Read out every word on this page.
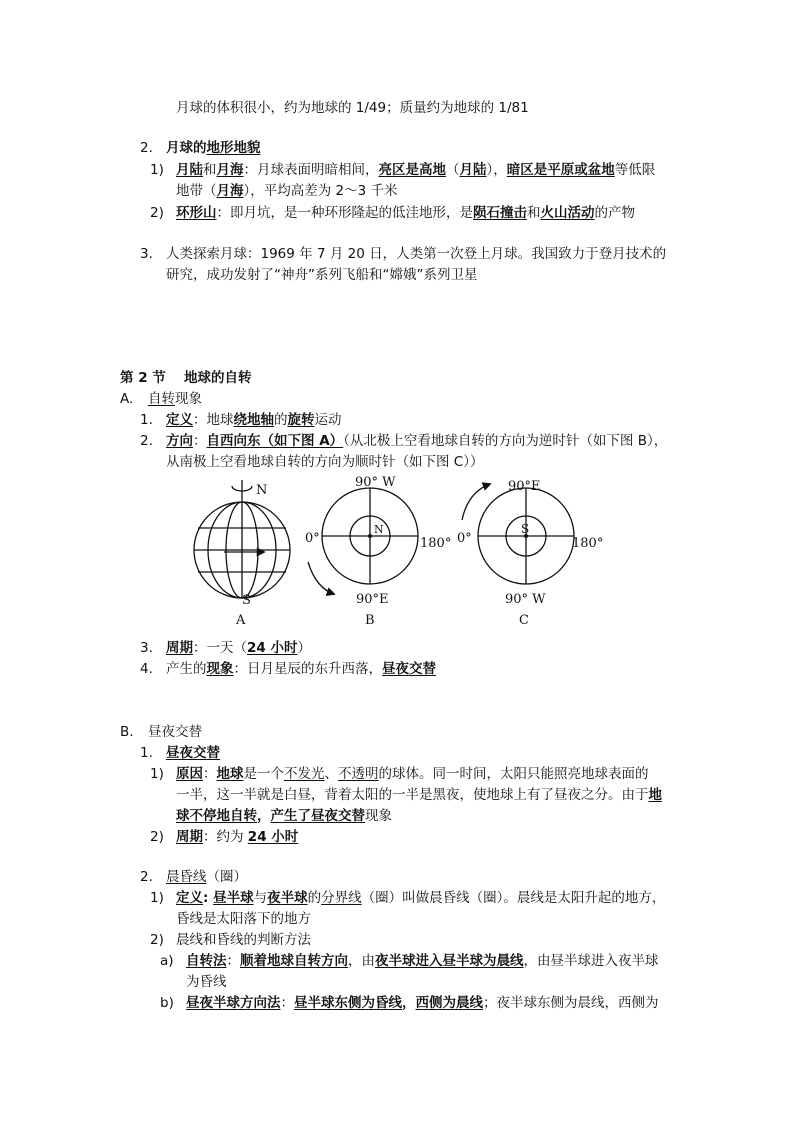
月球的体积很小，约为地球的 1/49；质量约为地球的 1/81
2. 月球的地形地貌
1) 月陆和月海：月球表面明暗相间，亮区是高地（月陆），暗区是平原或盆地等低限
地带（月海），平均高差为 2～3 千米
2) 环形山：即月坑，是一种环形隆起的低洼地形，是陨石撞击和火山活动的产物
3. 人类探索月球：1969 年 7 月 20 日，人类第一次登上月球。我国致力于登月技术的
研究，成功发射了“神舟”系列飞船和“嫦娥”系列卫星
第 2 节 地球的自转
A. 自转现象
1. 定义：地球绕地轴的旋转运动
2. 方向：自西向东（如下图 A）（从北极上空看地球自转的方向为逆时针（如下图 B），
从南极上空看地球自转的方向为顺时针（如下图 C））
N
S
90° W
90°E
0°	180°
N
90°E
90° W
0°	180°
S
A	B	C
3. 周期：一天（24 小时）
4. 产生的现象：日月星辰的东升西落，昼夜交替
B. 昼夜交替
1. 昼夜交替
1) 原因：地球是一个不发光、不透明的球体。同一时间，太阳只能照亮地球表面的
一半，这一半就是白昼，背着太阳的一半是黑夜，使地球上有了昼夜之分。由于地
球不停地自转，产生了昼夜交替现象
2) 周期：约为 24 小时
2. 晨昏线（圈）
1) 定义: 昼半球与夜半球的分界线（圈）叫做晨昏线（圈）。晨线是太阳升起的地方，
昏线是太阳落下的地方
2) 晨线和昏线的判断方法
a) 自转法：顺着地球自转方向，由夜半球进入昼半球为晨线，由昼半球进入夜半球
为昏线
b) 昼夜半球方向法：昼半球东侧为昏线，西侧为晨线；夜半球东侧为晨线，西侧为
